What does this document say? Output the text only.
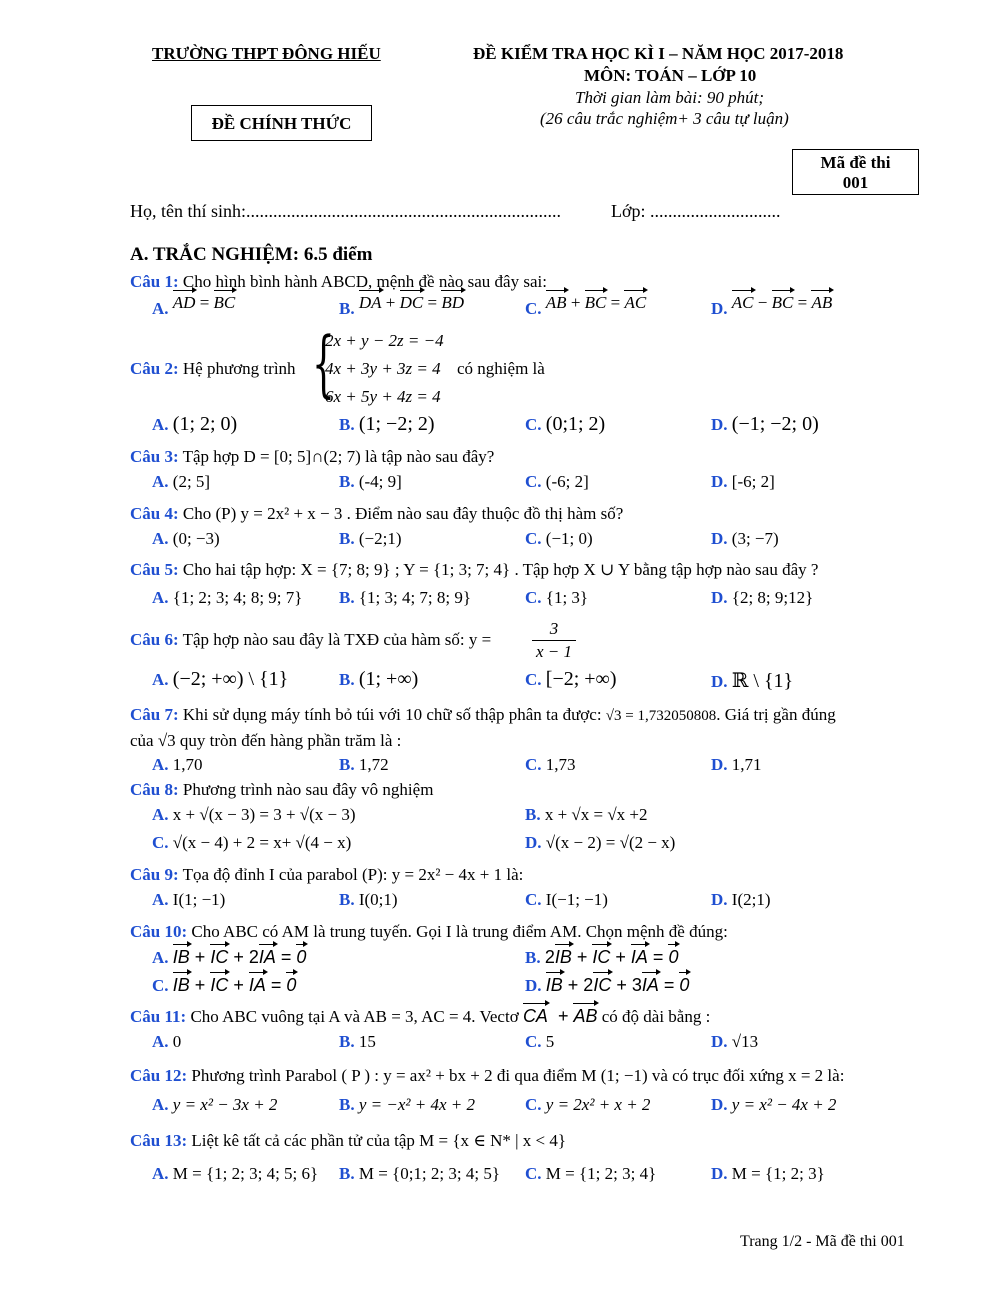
TRƯỜNG THPT ĐÔNG HIẾU	ĐỀ KIỂM TRA HỌC KÌ I – NĂM HỌC 2017-2018
MÔN: TOÁN – LỚP 10
Thời gian làm bài: 90 phút;
(26 câu trắc nghiệm+ 3 câu tự luận)
ĐỀ CHÍNH THỨC
Mã đề thi
001
Họ, tên thí sinh:......................................................................	Lớp: .............................
A. TRẮC NGHIỆM: 6.5 điểm
Câu 1: Cho hình bình hành ABCD, mệnh đề nào sau đây sai:
A. AD = BC	B. DA + DC = BD	C. AB + BC = AC	D. AC − BC = AB
Câu 2: Hệ phương trình {
2x + y − 2z = −4
4x + 3y + 3z = 4
6x + 5y + 4z = 4
có nghiệm là
A. (1; 2; 0)	B. (1; −2; 2)	C. (0;1; 2)	D. (−1; −2; 0)
Câu 3: Tập hợp D = [0; 5]∩(2; 7) là tập nào sau đây?
A. (2; 5]	B. (-4; 9]	C. (-6; 2]	D. [-6; 2]
Câu 4: Cho (P) y = 2x² + x − 3 . Điểm nào sau đây thuộc đồ thị hàm số?
A. (0; −3)	B. (−2;1)	C. (−1; 0)	D. (3; −7)
Câu 5: Cho hai tập hợp: X = {7; 8; 9} ; Y = {1; 3; 7; 4} . Tập hợp X ∪ Y bằng tập hợp nào sau đây ?
A. {1; 2; 3; 4; 8; 9; 7} B. {1; 3; 4; 7; 8; 9}	C. {1; 3}	D. {2; 8; 9;12}
Câu 6: Tập hợp nào sau đây là TXĐ của hàm số: $y = \frac{3}{x - 1}$
A. (−2; +∞) \ {1}	B. (1; +∞)	C. [−2; +∞)	D. ℝ \ {1}
Câu 7: Khi sử dụng máy tính bỏ túi với 10 chữ số thập phân ta được: √3 = 1,732050808. Giá trị gần đúng
của √3 quy tròn đến hàng phần trăm là :
A. 1,70	B. 1,72	C. 1,73	D. 1,71
Câu 8: Phương trình nào sau đây vô nghiệm
A. x + √(x − 3) = 3 + √(x − 3)	B. x + √x = √x +2
C. √(x − 4) + 2 = x+ √(4 − x)	D. √(x − 2) = √(2 − x)
Câu 9: Tọa độ đỉnh I của parabol (P): y = 2x² − 4x + 1 là:
A. I(1; −1)	B. I(0;1)	C. I(−1; −1)	D. I(2;1)
Câu 10: Cho ABC có AM là trung tuyến. Gọi I là trung điểm AM. Chọn mệnh đề đúng:
A. IB + IC + 2IA = 0	B. 2IB + IC + IA = 0
C. IB + IC + IA = 0	D. IB + 2IC + 3IA = 0
Câu 11: Cho ABC vuông tại A và AB = 3, AC = 4. Vectơ CA  + AB có độ dài bằng :
A. 0	B. 15	C. 5	D. √13
Câu 12: Phương trình Parabol ( P ) : y = ax² + bx + 2 đi qua điểm M (1; −1) và có trục đối xứng x = 2 là:
A. y = x² − 3x + 2	B. y = −x² + 4x + 2	C. y = 2x² + x + 2	D. y = x² − 4x + 2
Câu 13: Liệt kê tất cả các phần tử của tập M = {x ∈ N* | x < 4}
A. M = {1; 2; 3; 4; 5; 6} B. M = {0;1; 2; 3; 4; 5} C. M = {1; 2; 3; 4}	D. M = {1; 2; 3}
Trang 1/2 - Mã đề thi 001
